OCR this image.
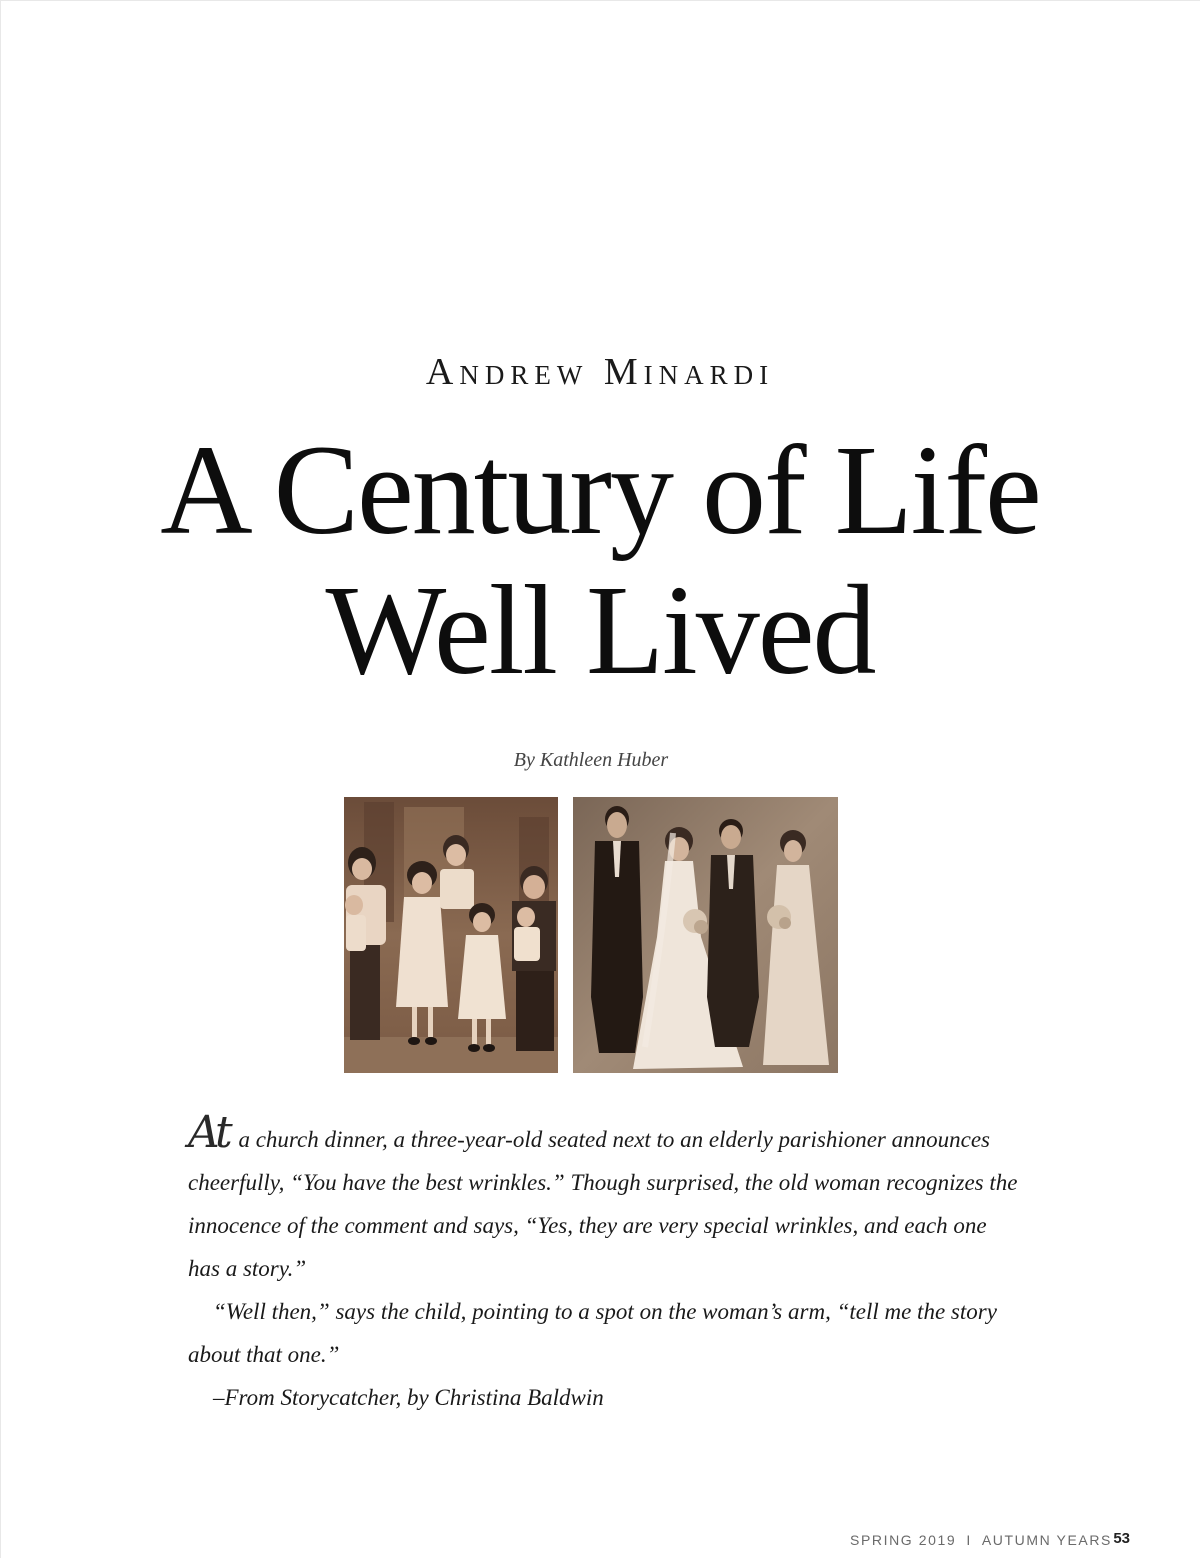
Andrew Minardi
A Century of Life
Well Lived
By Kathleen Huber

At a church dinner, a three-year-old seated next to an elderly parishioner announces cheerfully, “You have the best wrinkles.” Though surprised, the old woman recognizes the innocence of the comment and says, “Yes, they are very special wrinkles, and each one has a story.”

“Well then,” says the child, pointing to a spot on the woman’s arm, “tell me the story about that one.”

–From Storycatcher, by Christina Baldwin

SPRING 2019 I AUTUMN YEARS 53
